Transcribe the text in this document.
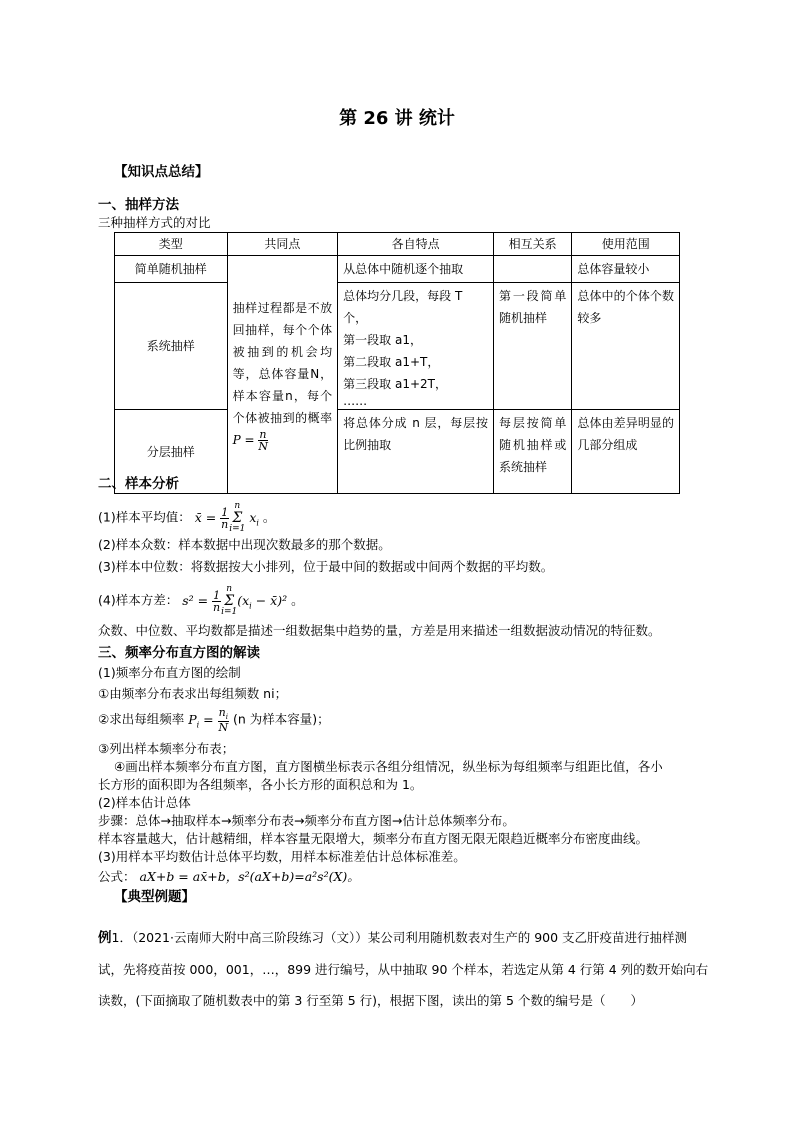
第 26 讲 统计
【知识点总结】
一、抽样方法
三种抽样方式的对比
类型	共同点	各自特点	相互关系	使用范围
简单随机抽样	抽样过程都是不放回抽样，每个个体被抽到的机会均等，总体容量N，样本容量n，每个个体被抽到的概率 $P = \frac{n}{N}$	从总体中随机逐个抽取		总体容量较小
系统抽样		总体均分几段，每段 T 个，
第一段取 a1，
第二段取 a1+T，
第三段取 a1+2T，
……	第一段简单随机抽样	总体中的个体个数较多
分层抽样		将总体分成 n 层，每层按比例抽取	每层按简单随机抽样或系统抽样	总体由差异明显的几部分组成
二、样本分析
(1)样本平均值： x̄ = $\frac{1}{n}$
n
Σ
i=1 $x_i$ 。
(2)样本众数：样本数据中出现次数最多的那个数据。
(3)样本中位数：将数据按大小排列，位于最中间的数据或中间两个数据的平均数。
(4)样本方差： $s^2 = \frac{1}{n}$
n
Σ
$i=1(x_i$ − x̄)² 。
众数、中位数、平均数都是描述一组数据集中趋势的量，方差是用来描述一组数据波动情况的特征数。
三、频率分布直方图的解读
(1)频率分布直方图的绘制
①由频率分布表求出每组频数 ni；
②求出每组频率 $P_i = \frac{n_i}{N} (n$ 为样本容量)；
③列出样本频率分布表；
④画出样本频率分布直方图，直方图横坐标表示各组分组情况，纵坐标为每组频率与组距比值，各小
长方形的面积即为各组频率，各小长方形的面积总和为 1。
(2)样本估计总体
步骤：总体→抽取样本→频率分布表→频率分布直方图→估计总体频率分布。
样本容量越大，估计越精细，样本容量无限增大，频率分布直方图无限无限趋近概率分布密度曲线。
(3)用样本平均数估计总体平均数，用样本标准差估计总体标准差。
公式： aX+b = ax̄+b，s²(aX+b)=a²s²(X)。
【典型例题】
例1．（2021·云南师大附中高三阶段练习（文））某公司利用随机数表对生产的 900 支乙肝疫苗进行抽样测
试，先将疫苗按 000，001，…，899 进行编号，从中抽取 90 个样本，若选定从第 4 行第 4 列的数开始向右
读数，(下面摘取了随机数表中的第 3 行至第 5 行)，根据下图，读出的第 5 个数的编号是（　　）
